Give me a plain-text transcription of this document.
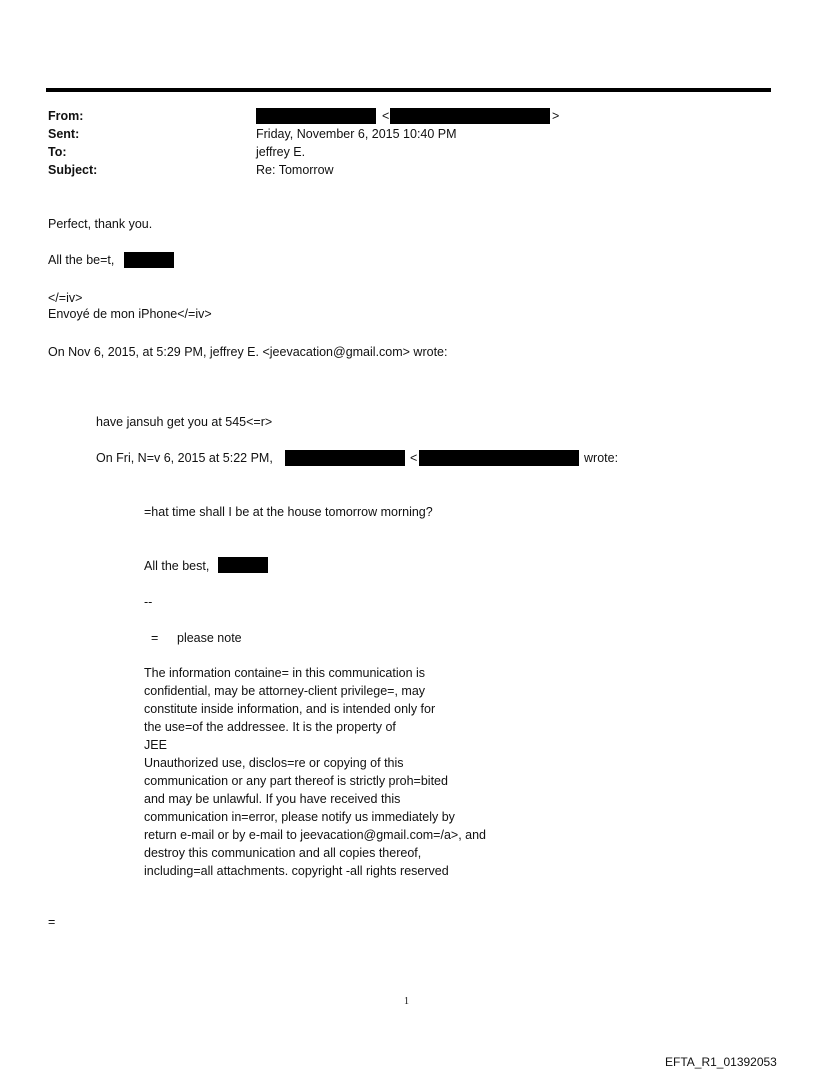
From:	<	>
Sent:	Friday, November 6, 2015 10:40 PM
To:	jeffrey E.
Subject:	Re: Tomorrow
Perfect, thank you.
All the be=t,
</=iv>
Envoyé de mon iPhone</=iv>
On Nov 6, 2015, at 5:29 PM, jeffrey E. <jeevacation@gmail.com> wrote:
have jansuh get you at 545<=r>
On Fri, N=v 6, 2015 at 5:22 PM,	<	wrote:
=hat time shall I be at the house tomorrow morning?
All the best,
--
= please note
The information containe= in this communication is
confidential, may be attorney-client privilege=, may
constitute inside information, and is intended only for
the use=of the addressee. It is the property of
JEE
Unauthorized use, disclos=re or copying of this
communication or any part thereof is strictly proh=bited
and may be unlawful. If you have received this
communication in=error, please notify us immediately by
return e-mail or by e-mail to jeevacation@gmail.com=/a>, and
destroy this communication and all copies thereof,
including=all attachments. copyright -all rights reserved
=
1
EFTA_R1_01392053
